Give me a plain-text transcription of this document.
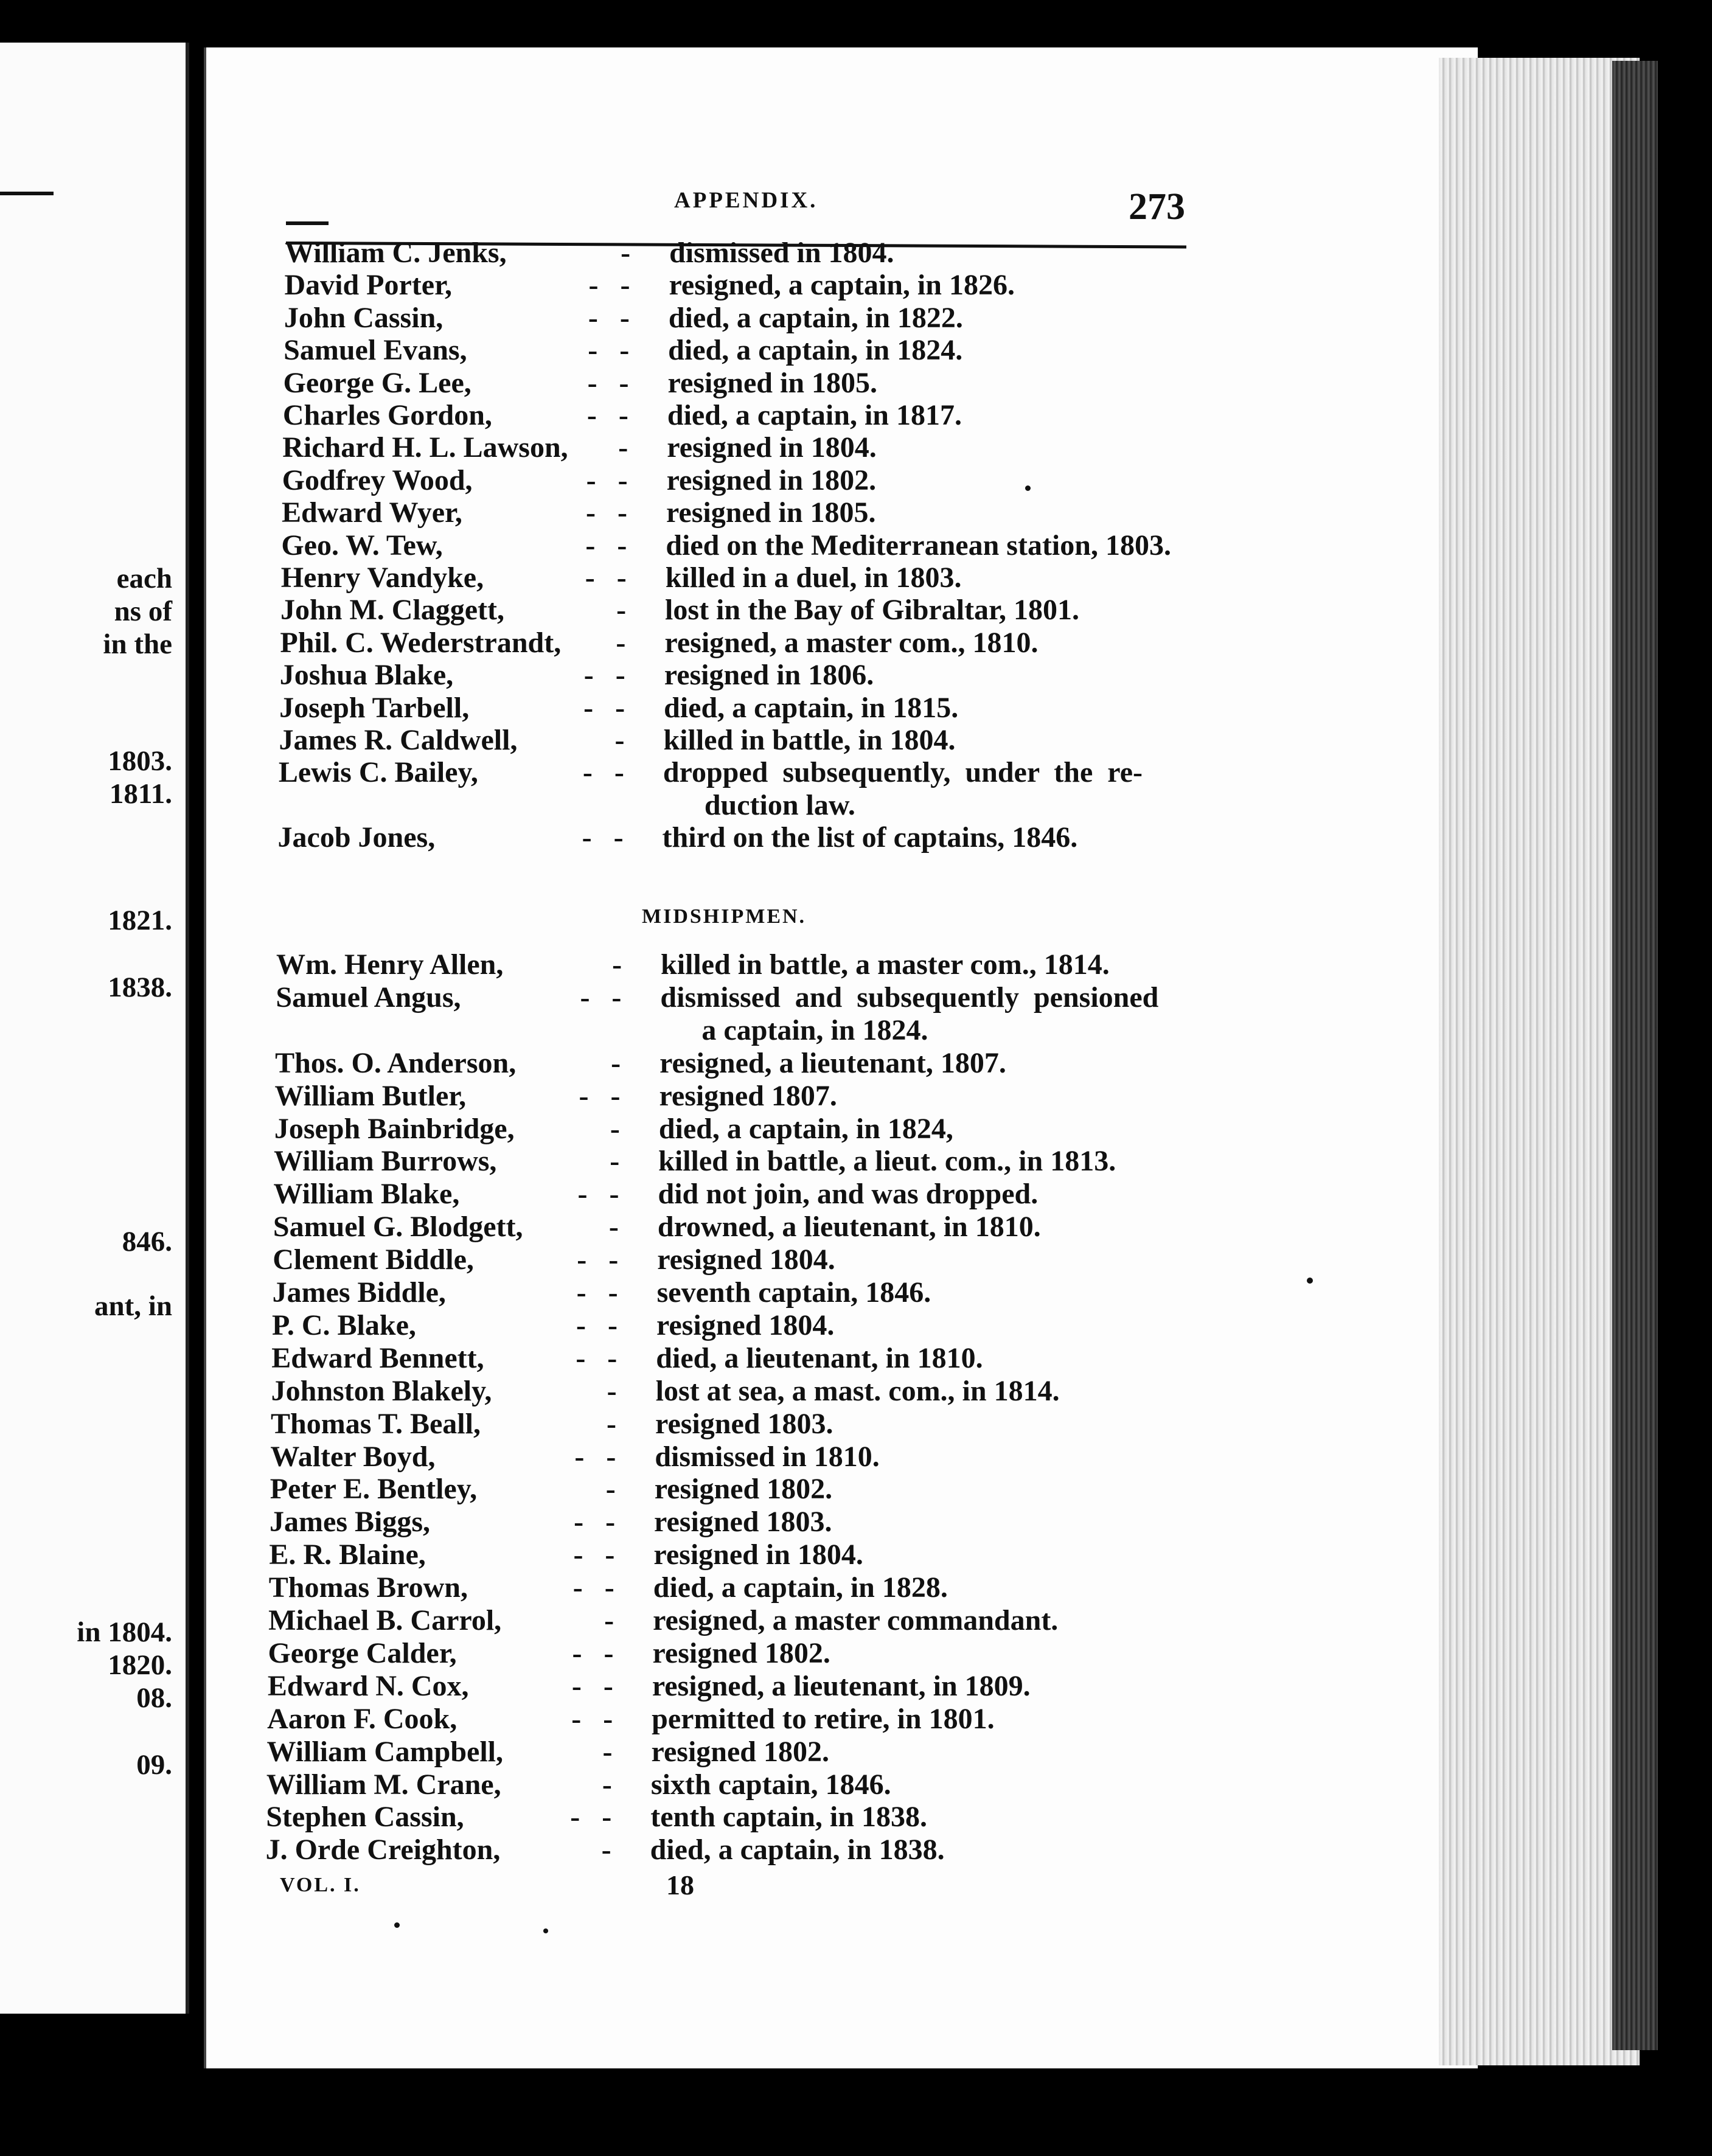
each
ns of
in the
1803.
1811.
1821.
1838.
846.
ant, in
in 1804.
1820.
08.
09.
APPENDIX.	273
William C. Jenks,	- dismissed in 1804.
David Porter,	-   - resigned, a captain, in 1826.
John Cassin,	-   - died, a captain, in 1822.
Samuel Evans,	-   - died, a captain, in 1824.
George G. Lee,	-   - resigned in 1805.
Charles Gordon,	-   - died, a captain, in 1817.
Richard H. L. Lawson, - resigned in 1804.
Godfrey Wood,	-   - resigned in 1802.
Edward Wyer,	-   - resigned in 1805.
Geo. W. Tew,	-   - died on the Mediterranean station, 1803.
Henry Vandyke,	-   - killed in a duel, in 1803.
John M. Claggett,	- lost in the Bay of Gibraltar, 1801.
Phil. C. Wederstrandt, - resigned, a master com., 1810.
Joshua Blake,	-   - resigned in 1806.
Joseph Tarbell,	-   - died, a captain, in 1815.
James R. Caldwell,	- killed in battle, in 1804.
Lewis C. Bailey,	-   - dropped  subsequently,  under  the  re-
duction law.
Jacob Jones,	-   - third on the list of captains, 1846.
MIDSHIPMEN.
Wm. Henry Allen,	- killed in battle, a master com., 1814.
Samuel Angus,	-   - dismissed  and  subsequently  pensioned
a captain, in 1824.
Thos. O. Anderson,	- resigned, a lieutenant, 1807.
William Butler,	-   - resigned 1807.
Joseph Bainbridge,	- died, a captain, in 1824,
William Burrows,	- killed in battle, a lieut. com., in 1813.
William Blake,	-   - did not join, and was dropped.
Samuel G. Blodgett,	- drowned, a lieutenant, in 1810.
Clement Biddle,	-   - resigned 1804.
James Biddle,	-   - seventh captain, 1846.
P. C. Blake,	-   - resigned 1804.
Edward Bennett,	-   - died, a lieutenant, in 1810.
Johnston Blakely,	- lost at sea, a mast. com., in 1814.
Thomas T. Beall,	- resigned 1803.
Walter Boyd,	-   - dismissed in 1810.
Peter E. Bentley,	- resigned 1802.
James Biggs,	-   - resigned 1803.
E. R. Blaine,	-   - resigned in 1804.
Thomas Brown,	-   - died, a captain, in 1828.
Michael B. Carrol,	- resigned, a master commandant.
George Calder,	-   - resigned 1802.
Edward N. Cox,	-   - resigned, a lieutenant, in 1809.
Aaron F. Cook,	-   - permitted to retire, in 1801.
William Campbell,	- resigned 1802.
William M. Crane,	- sixth captain, 1846.
Stephen Cassin,	-   - tenth captain, in 1838.
J. Orde Creighton,	- died, a captain, in 1838.
VOL. I.	18
